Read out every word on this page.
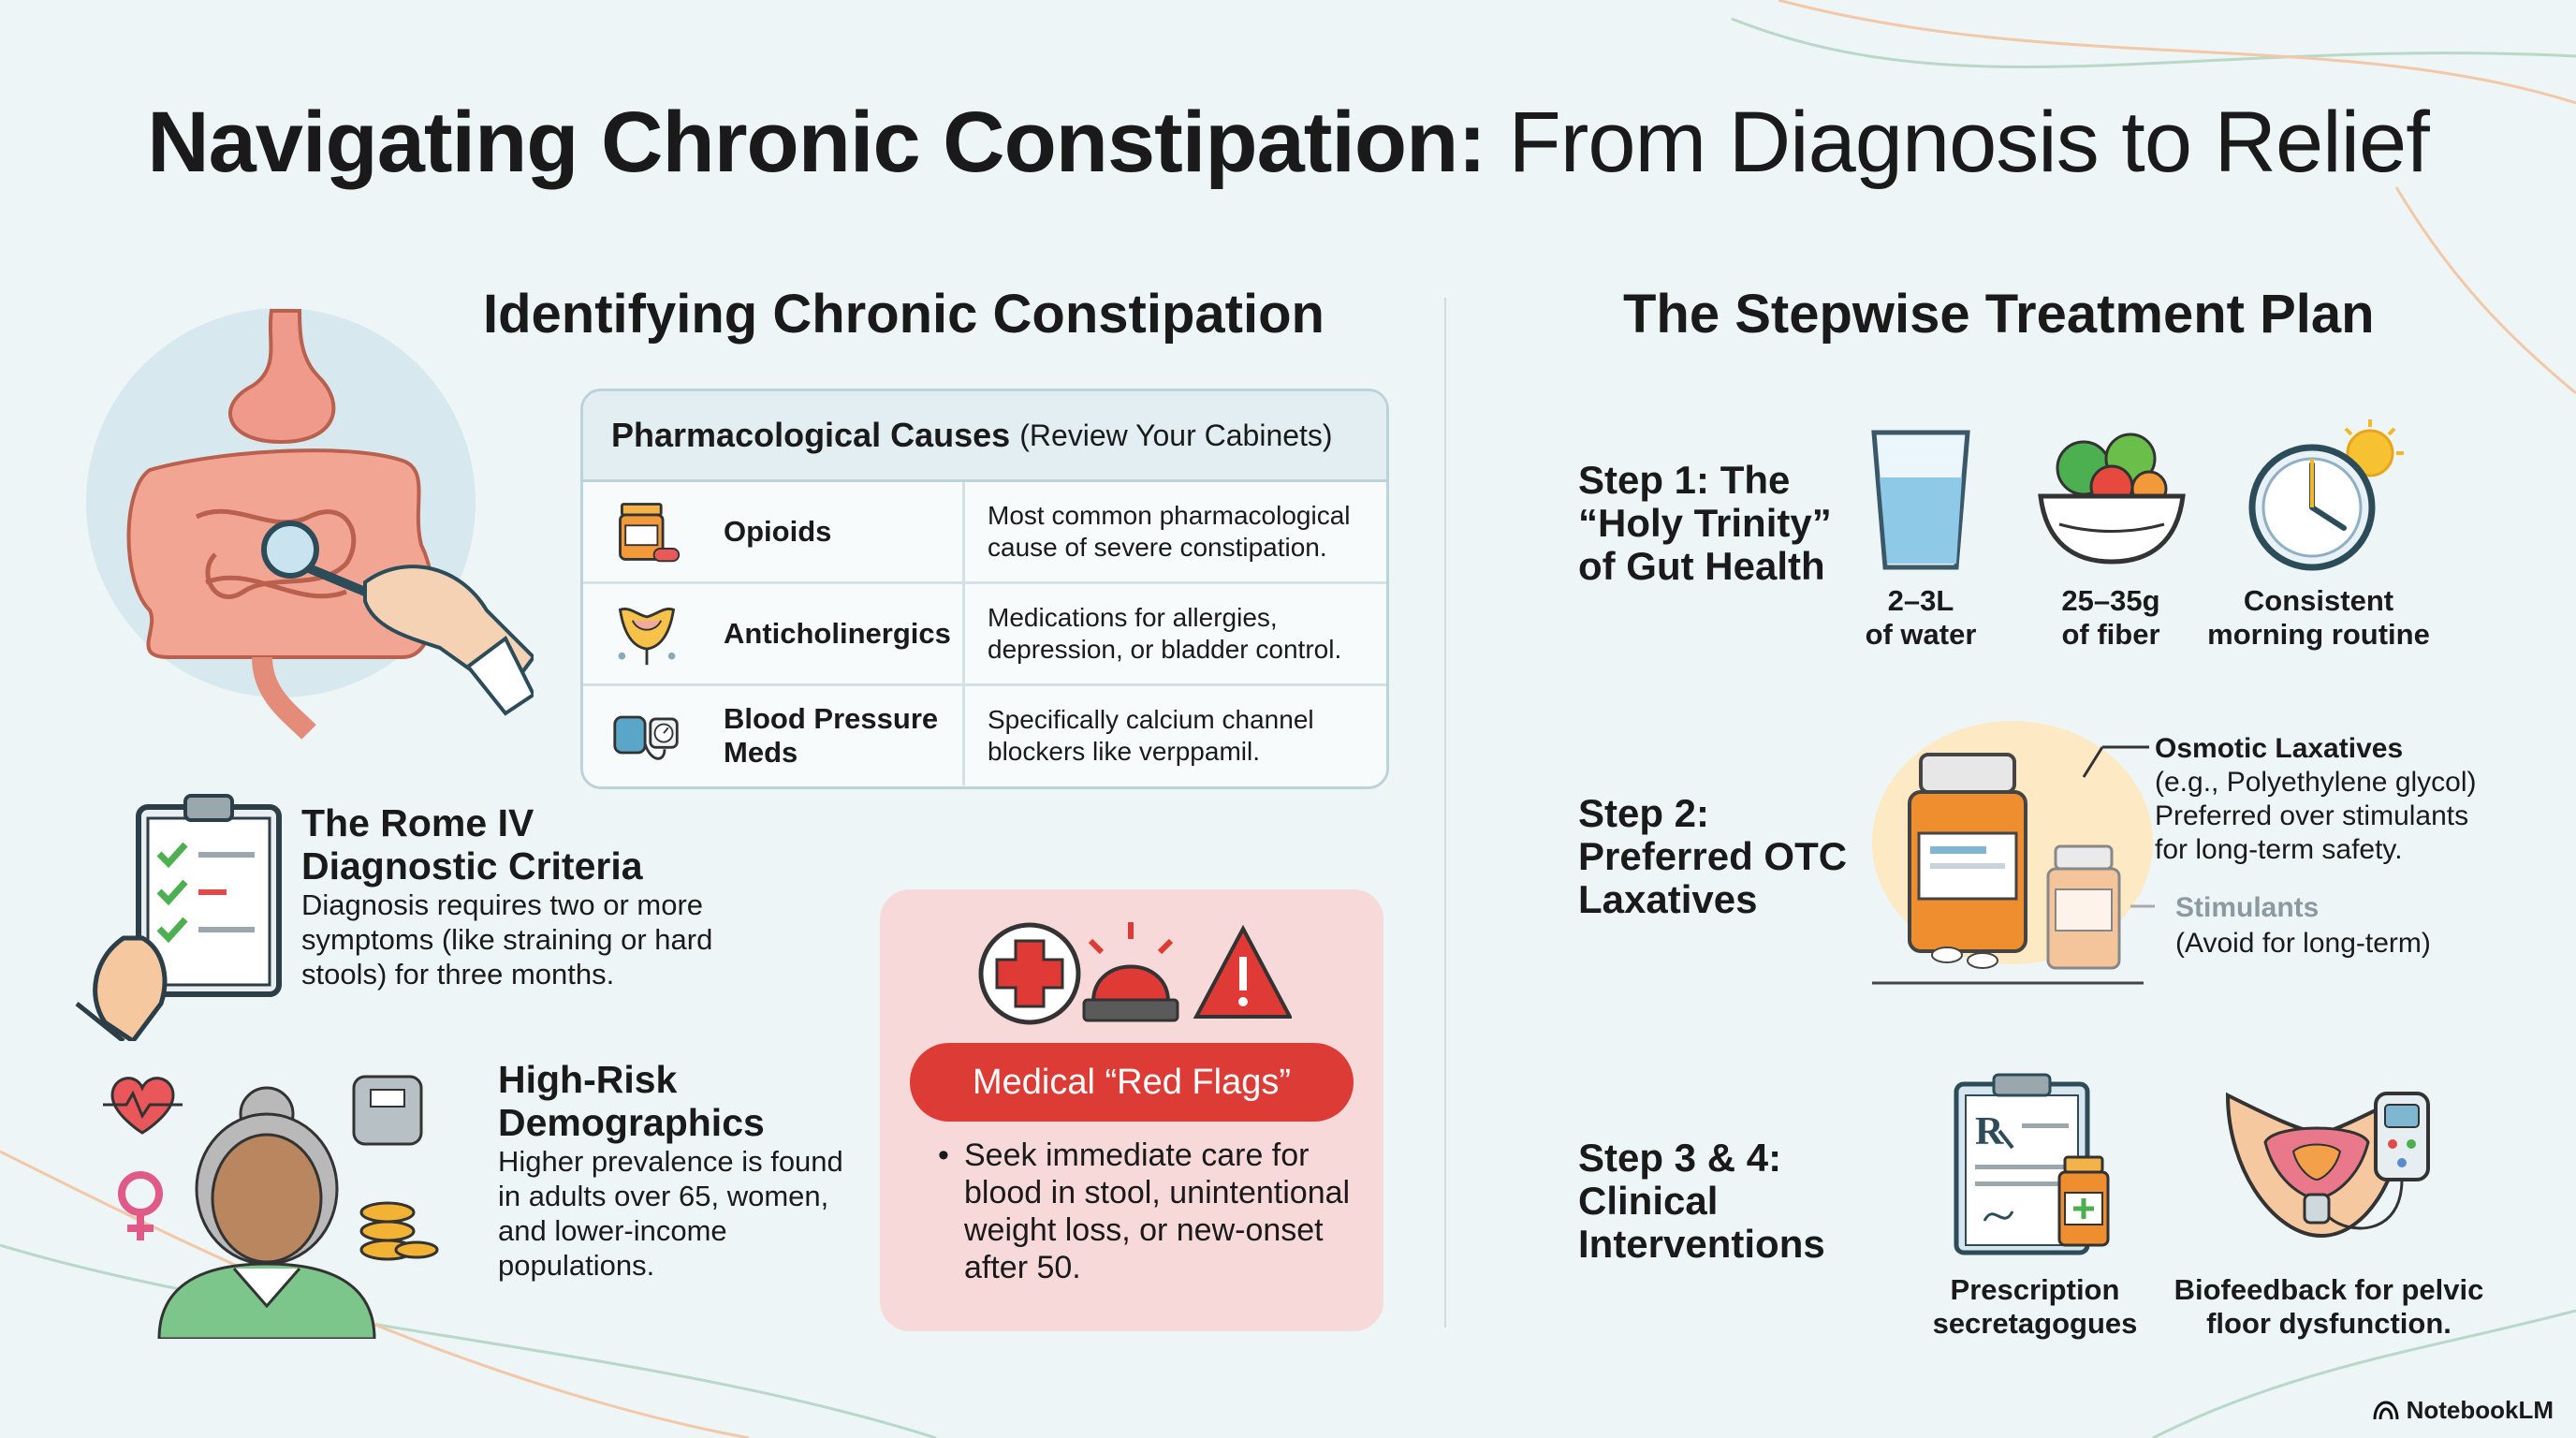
Navigating Chronic Constipation: From Diagnosis to Relief
Identifying Chronic Constipation	The Stepwise Treatment Plan
Pharmacological Causes (Review Your Cabinets)
Opioids	Most common pharmacological cause of severe constipation.
Anticholinergics Medications for allergies, depression, or bladder control.
Blood Pressure Meds
Specifically calcium channel blockers like verppamil.
The Rome IV Diagnostic Criteria
Diagnosis requires two or more symptoms (like straining or hard stools) for three months.
High-Risk Demographics
Higher prevalence is found in adults over 65, women, and lower-income populations.
Medical “Red Flags”
• Seek immediate care for blood in stool, unintentional weight loss, or new-onset after 50.
Step 1: The “Holy Trinity” of Gut Health
2–3L
of water
25–35g
of fiber
Consistent
morning routine
Step 2: Preferred OTC Laxatives
Osmotic Laxatives
(e.g., Polyethylene glycol) Preferred over stimulants for long-term safety.
Stimulants
(Avoid for long-term)
Step 3 & 4: Clinical Interventions
R
Prescription secretagogues
Biofeedback for pelvic floor dysfunction.
NotebookLM
